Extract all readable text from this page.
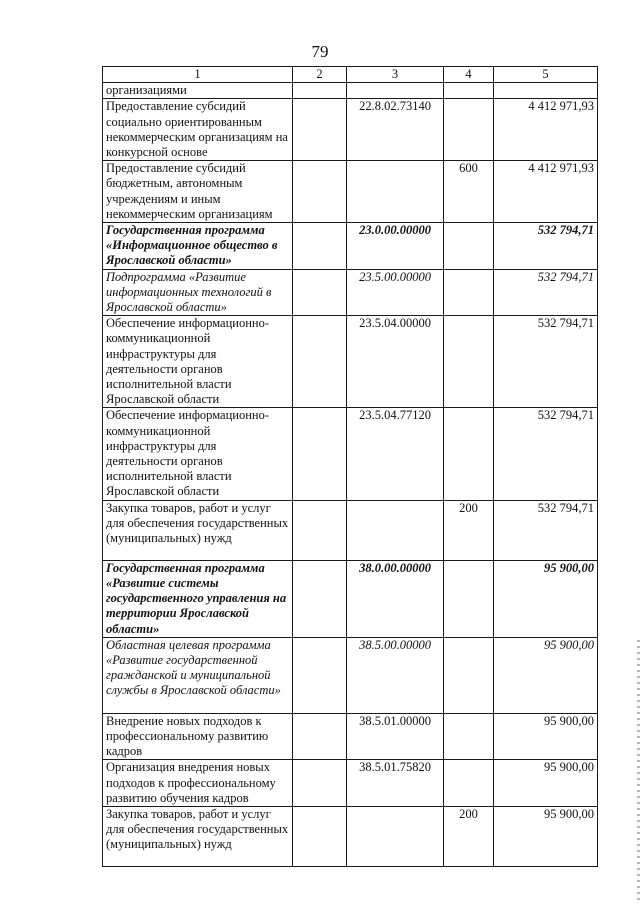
79
1	2	3	4	5
организациями				
Предоставление субсидий социально ориентированным некоммерческим организациям на конкурсной основе		22.8.02.73140		4 412 971,93
Предоставление субсидий бюджетным, автономным учреждениям и иным некоммерческим организациям			600	4 412 971,93
Государственная программа «Информационное общество в Ярославской области»		23.0.00.00000		532 794,71
Подпрограмма «Развитие информационных технологий в Ярославской области»		23.5.00.00000		532 794,71
Обеспечение информационно-коммуникационной инфраструктуры для деятельности органов исполнительной власти Ярославской области		23.5.04.00000		532 794,71
Обеспечение информационно-коммуникационной инфраструктуры для деятельности органов исполнительной власти Ярославской области		23.5.04.77120		532 794,71
Закупка товаров, работ и услуг для обеспечения государственных (муниципальных) нужд			200	532 794,71
Государственная программа «Развитие системы государственного управления на территории Ярославской области»		38.0.00.00000		95 900,00
Областная целевая программа «Развитие государственной гражданской и муниципальной службы в Ярославской области»		38.5.00.00000		95 900,00
Внедрение новых подходов к профессиональному развитию кадров		38.5.01.00000		95 900,00
Организация внедрения новых подходов к профессиональному развитию обучения кадров		38.5.01.75820		95 900,00
Закупка товаров, работ и услуг для обеспечения государственных (муниципальных) нужд			200	95 900,00
